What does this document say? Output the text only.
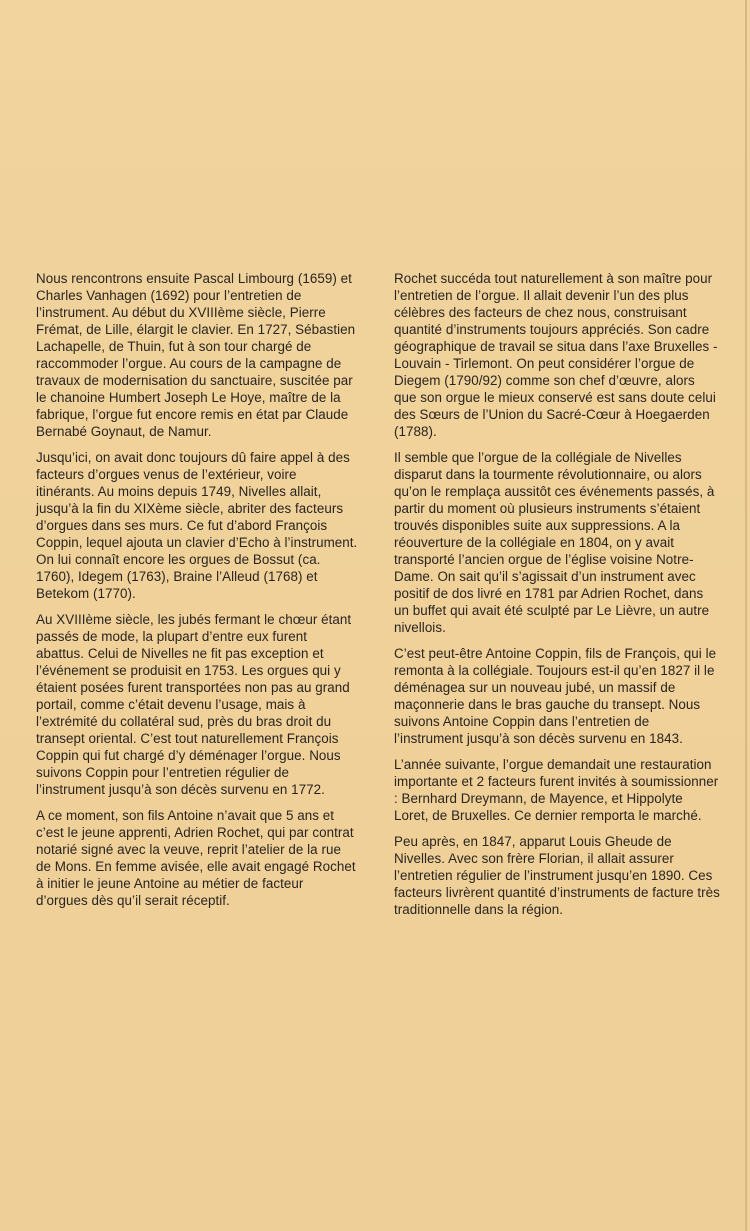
Nous rencontrons ensuite Pascal Limbourg (1659) et Charles Vanhagen (1692) pour l’entretien de l’instrument. Au début du XVIIIème siècle, Pierre Frémat, de Lille, élargit le clavier. En 1727, Sébastien Lachapelle, de Thuin, fut à son tour chargé de raccommoder l’orgue. Au cours de la campagne de travaux de modernisation du sanctuaire, suscitée par le chanoine Humbert Joseph Le Hoye, maître de la fabrique, l’orgue fut encore remis en état par Claude Bernabé Goynaut, de Namur.

Jusqu’ici, on avait donc toujours dû faire appel à des facteurs d’orgues venus de l’extérieur, voire itinérants. Au moins depuis 1749, Nivelles allait, jusqu’à la fin du XIXème siècle, abriter des facteurs d’orgues dans ses murs. Ce fut d’abord François Coppin, lequel ajouta un clavier d’Echo à l’instrument. On lui connaît encore les orgues de Bossut (ca. 1760), Idegem (1763), Braine l’Alleud (1768) et Betekom (1770).

Au XVIIIème siècle, les jubés fermant le chœur étant passés de mode, la plupart d’entre eux furent abattus. Celui de Nivelles ne fit pas exception et l’événement se produisit en 1753. Les orgues qui y étaient posées furent transportées non pas au grand portail, comme c’était devenu l’usage, mais à l’extrémité du collatéral sud, près du bras droit du transept oriental. C’est tout naturellement François Coppin qui fut chargé d’y déménager l’orgue. Nous suivons Coppin pour l’entretien régulier de l’instrument jusqu’à son décès survenu en 1772.

A ce moment, son fils Antoine n’avait que 5 ans et c’est le jeune apprenti, Adrien Rochet, qui par contrat notarié signé avec la veuve, reprit l’atelier de la rue de Mons. En femme avisée, elle avait engagé Rochet à initier le jeune Antoine au métier de facteur d’orgues dès qu’il serait réceptif.

Rochet succéda tout naturellement à son maître pour l’entretien de l’orgue. Il allait devenir l’un des plus célèbres des facteurs de chez nous, construisant quantité d’instruments toujours appréciés. Son cadre géographique de travail se situa dans l’axe Bruxelles - Louvain - Tirlemont. On peut considérer l’orgue de Diegem (1790/92) comme son chef d’œuvre, alors que son orgue le mieux conservé est sans doute celui des Sœurs de l’Union du Sacré-Cœur à Hoegaerden (1788).

Il semble que l’orgue de la collégiale de Nivelles disparut dans la tourmente révolutionnaire, ou alors qu’on le remplaça aussitôt ces événements passés, à partir du moment où plusieurs instruments s’étaient trouvés disponibles suite aux suppressions. A la réouverture de la collégiale en 1804, on y avait transporté l’ancien orgue de l’église voisine Notre-Dame. On sait qu’il s’agissait d’un instrument avec positif de dos livré en 1781 par Adrien Rochet, dans un buffet qui avait été sculpté par Le Lièvre, un autre nivellois.

C’est peut-être Antoine Coppin, fils de François, qui le remonta à la collégiale. Toujours est-il qu’en 1827 il le déménagea sur un nouveau jubé, un massif de maçonnerie dans le bras gauche du transept. Nous suivons Antoine Coppin dans l’entretien de l’instrument jusqu’à son décès survenu en 1843.

L’année suivante, l’orgue demandait une restauration importante et 2 facteurs furent invités à soumissionner : Bernhard Dreymann, de Mayence, et Hippolyte Loret, de Bruxelles. Ce dernier remporta le marché.

Peu après, en 1847, apparut Louis Gheude de Nivelles. Avec son frère Florian, il allait assurer l’entretien régulier de l’instrument jusqu’en 1890. Ces facteurs livrèrent quantité d’instruments de facture très traditionnelle dans la région.
